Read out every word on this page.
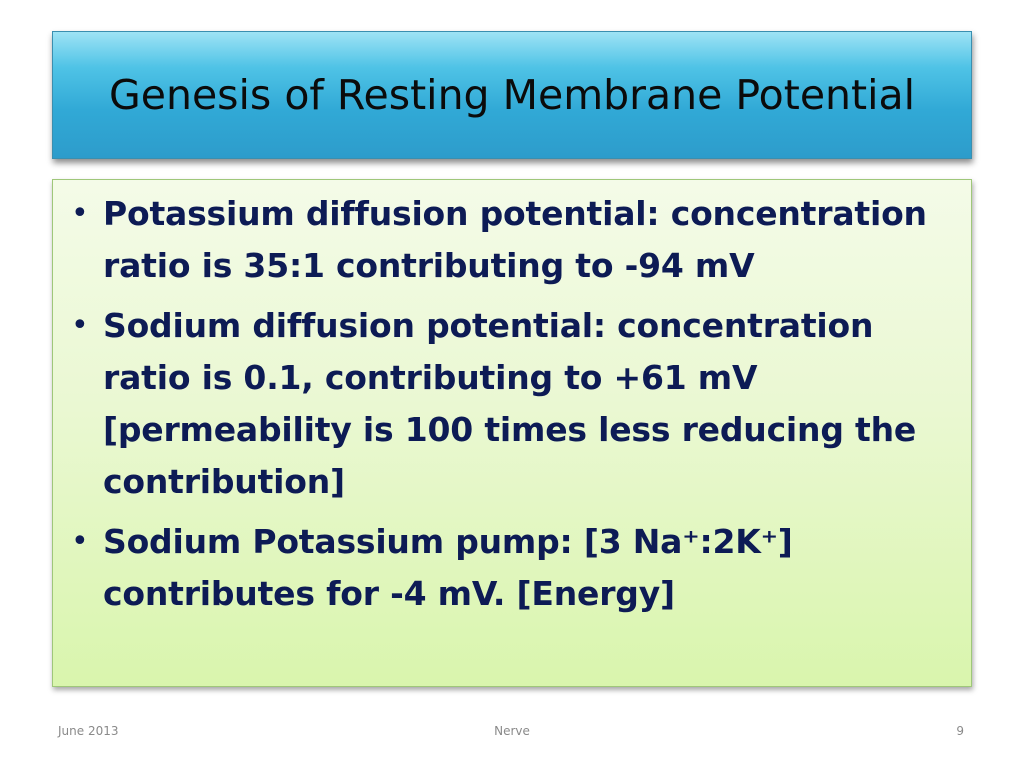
Genesis of Resting Membrane Potential
• Potassium diffusion potential: concentration ratio is 35:1 contributing to -94 mV
• Sodium diffusion potential: concentration ratio is 0.1, contributing to +61 mV [permeability is 100 times less reducing the contribution]
• Sodium Potassium pump: [3 Na⁺:2K⁺] contributes for -4 mV. [Energy]
June 2013	Nerve	9
